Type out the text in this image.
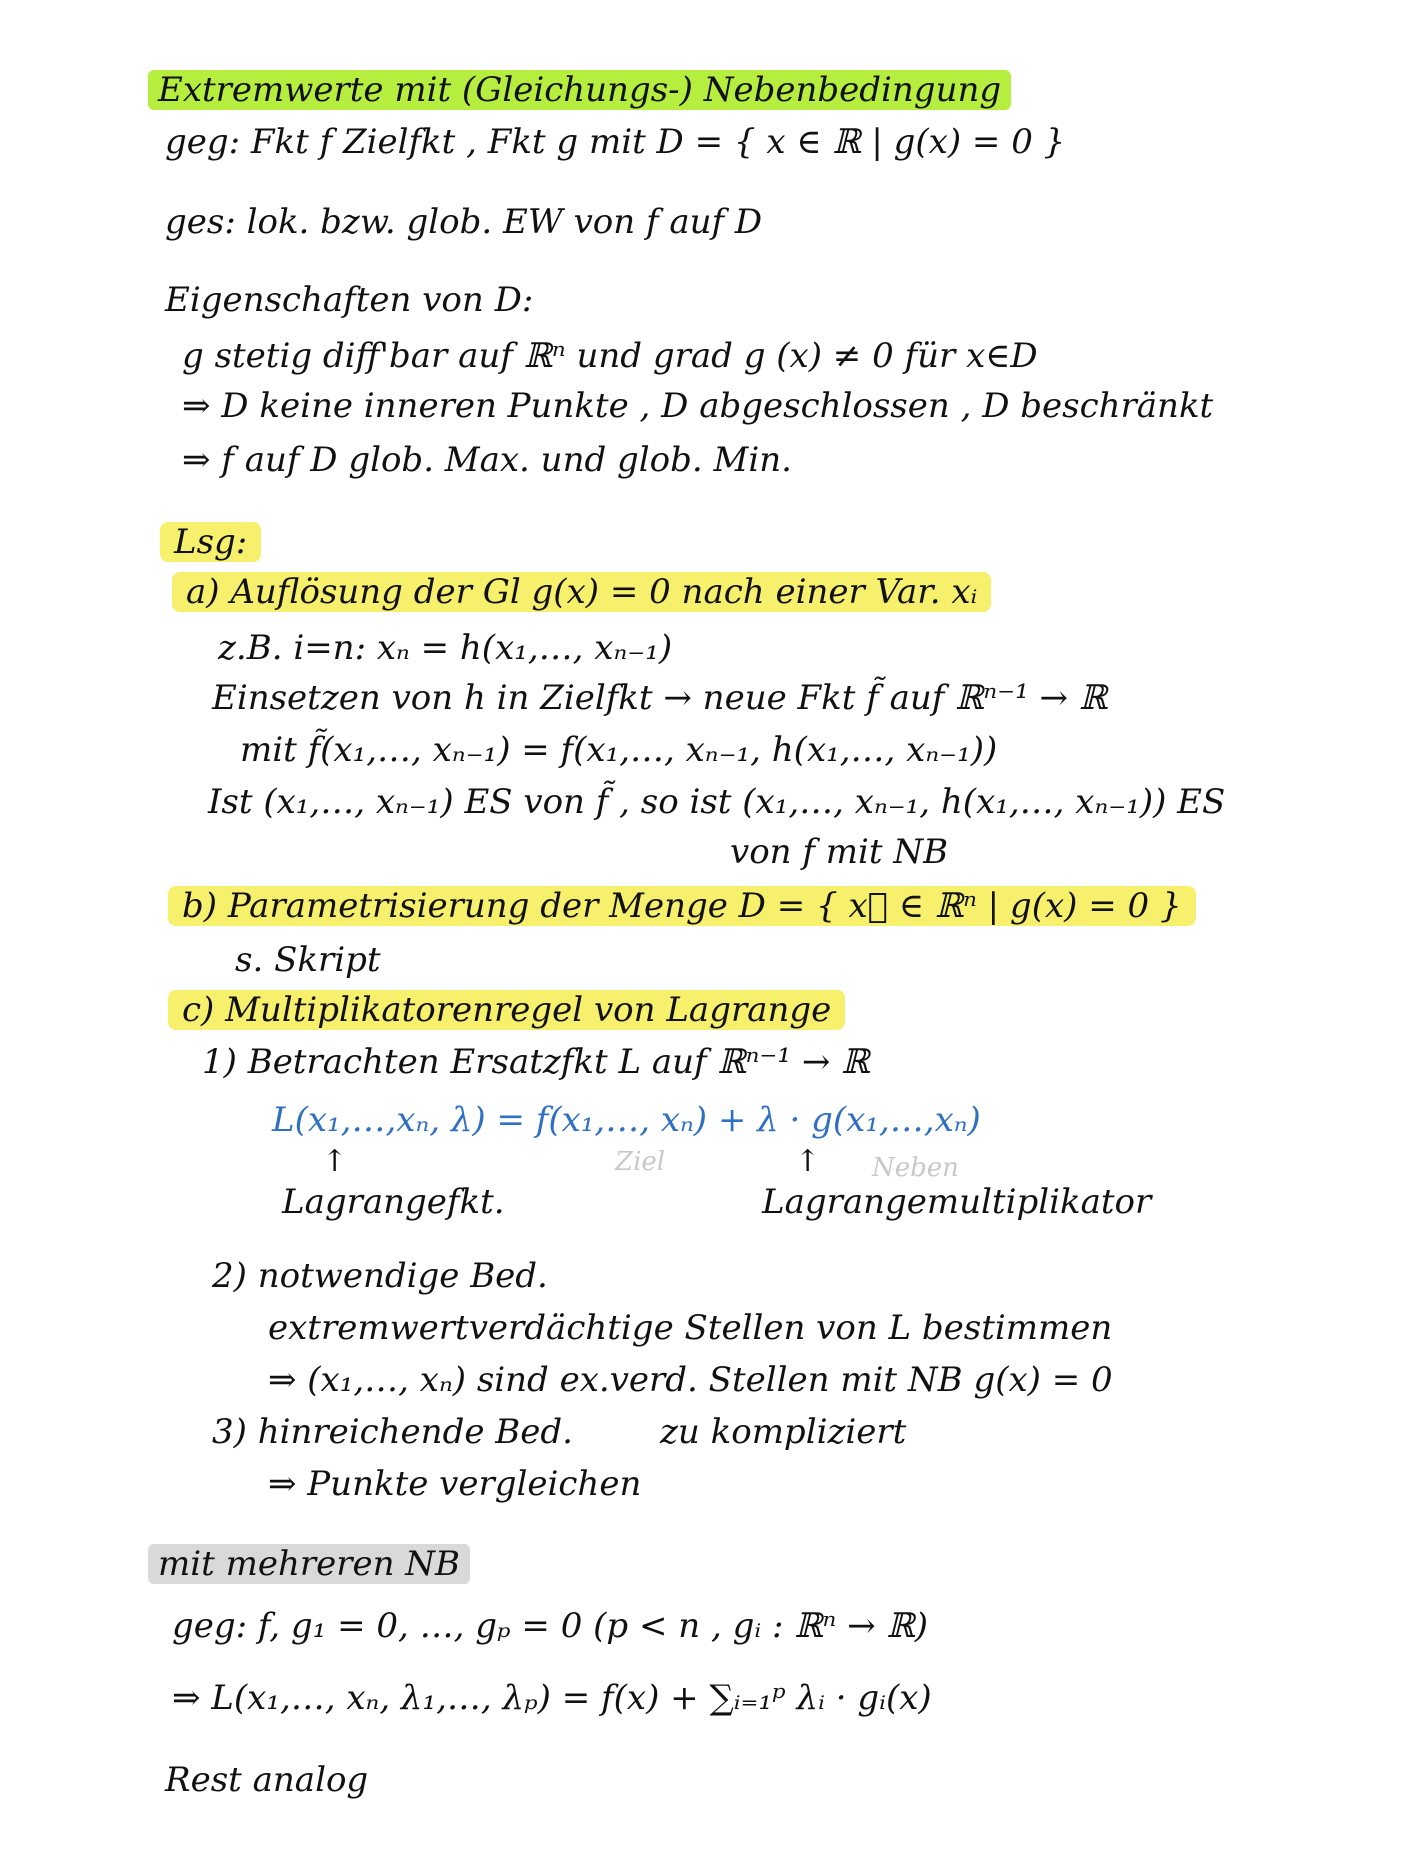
Extremwerte mit (Gleichungs-) Nebenbedingung
geg: Fkt f Zielfkt , Fkt g mit D = { x ∈ ℝ | g(x) = 0 }
ges: lok. bzw. glob. EW von f auf D
Eigenschaften von D:
g stetig diff'bar auf ℝⁿ und grad g (x) ≠ 0 für x∈D
⇒ D keine inneren Punkte , D abgeschlossen , D beschränkt
⇒ f auf D glob. Max. und glob. Min.
Lsg:
a) Auflösung der Gl g(x) = 0 nach einer Var. xᵢ
z.B. i=n: xₙ = h(x₁,…, xₙ₋₁)
Einsetzen von h in Zielfkt → neue Fkt f̃ auf ℝⁿ⁻¹ → ℝ
mit f̃(x₁,…, xₙ₋₁) = f(x₁,…, xₙ₋₁, h(x₁,…, xₙ₋₁))
Ist (x₁,…, xₙ₋₁) ES von f̃ , so ist (x₁,…, xₙ₋₁, h(x₁,…, xₙ₋₁)) ES
von f mit NB
b) Parametrisierung der Menge D = { x⃗ ∈ ℝⁿ | g(x) = 0 }
s. Skript
c) Multiplikatorenregel von Lagrange
1) Betrachten Ersatzfkt L auf ℝⁿ⁻¹ → ℝ
L(x₁,…,xₙ, λ) = f(x₁,…, xₙ) + λ · g(x₁,…,xₙ)
Ziel	Neben
↑	↑
Lagrangefkt.	Lagrangemultiplikator
2) notwendige Bed.
extremwertverdächtige Stellen von L bestimmen
⇒ (x₁,…, xₙ) sind ex.verd. Stellen mit NB g(x) = 0
3) hinreichende Bed.	zu kompliziert
⇒ Punkte vergleichen
mit mehreren NB
geg: f, g₁ = 0, …, gₚ = 0 (p < n , gᵢ : ℝⁿ → ℝ)
⇒ L(x₁,…, xₙ, λ₁,…, λₚ) = f(x) + ∑ᵢ₌₁ᵖ λᵢ · gᵢ(x)
Rest analog
